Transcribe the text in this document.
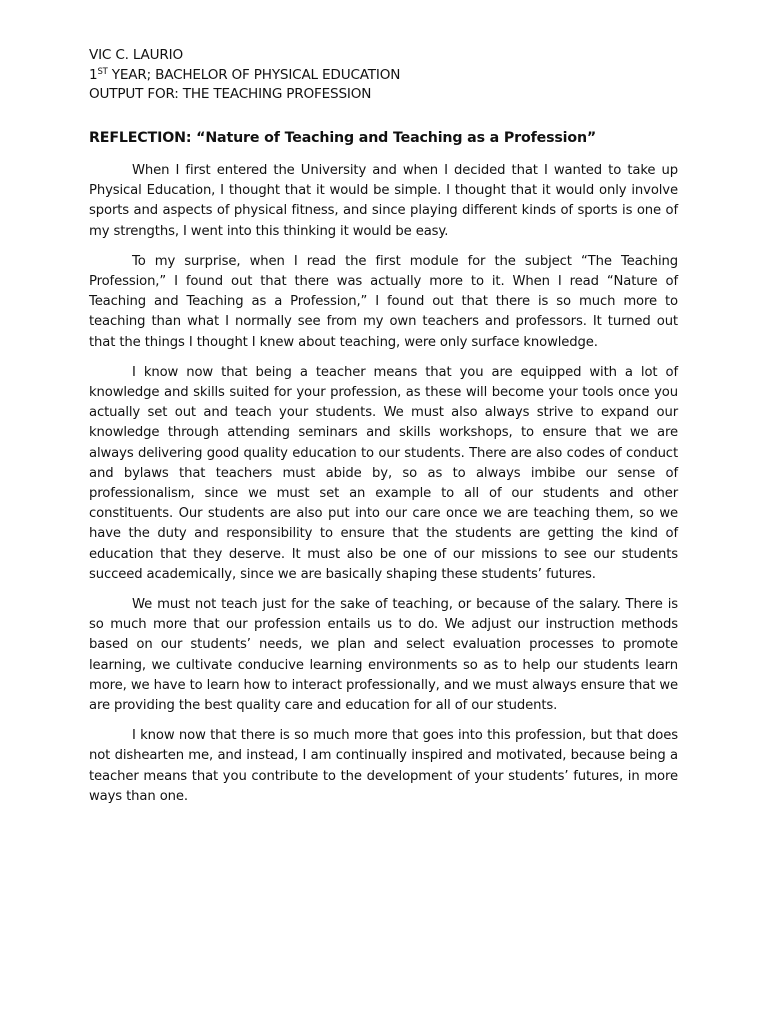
VIC C. LAURIO
1ST YEAR; BACHELOR OF PHYSICAL EDUCATION
OUTPUT FOR: THE TEACHING PROFESSION
REFLECTION: “Nature of Teaching and Teaching as a Profession”

When I first entered the University and when I decided that I wanted to take up Physical Education, I thought that it would be simple. I thought that it would only involve sports and aspects of physical fitness, and since playing different kinds of sports is one of my strengths, I went into this thinking it would be easy.

To my surprise, when I read the first module for the subject “The Teaching Profession,” I found out that there was actually more to it. When I read “Nature of Teaching and Teaching as a Profession,” I found out that there is so much more to teaching than what I normally see from my own teachers and professors. It turned out that the things I thought I knew about teaching, were only surface knowledge.

I know now that being a teacher means that you are equipped with a lot of knowledge and skills suited for your profession, as these will become your tools once you actually set out and teach your students. We must also always strive to expand our knowledge through attending seminars and skills workshops, to ensure that we are always delivering good quality education to our students. There are also codes of conduct and bylaws that teachers must abide by, so as to always imbibe our sense of professionalism, since we must set an example to all of our students and other constituents. Our students are also put into our care once we are teaching them, so we have the duty and responsibility to ensure that the students are getting the kind of education that they deserve. It must also be one of our missions to see our students succeed academically, since we are basically shaping these students’ futures.

We must not teach just for the sake of teaching, or because of the salary. There is so much more that our profession entails us to do. We adjust our instruction methods based on our students’ needs, we plan and select evaluation processes to promote learning, we cultivate conducive learning environments so as to help our students learn more, we have to learn how to interact professionally, and we must always ensure that we are providing the best quality care and education for all of our students.

I know now that there is so much more that goes into this profession, but that does not dishearten me, and instead, I am continually inspired and motivated, because being a teacher means that you contribute to the development of your students’ futures, in more ways than one.
